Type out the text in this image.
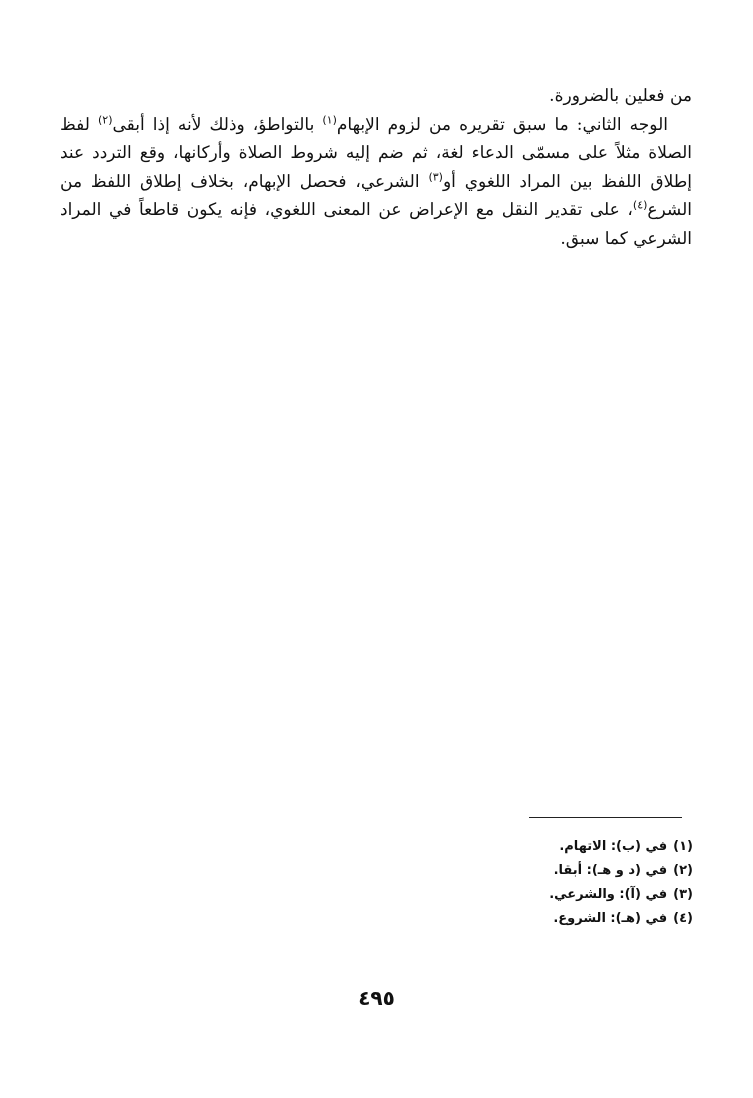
من فعلين بالضرورة.

الوجه الثاني: ما سبق تقريره من لزوم الإبهام$^{(١)}$ بالتواطؤ، وذلك لأنه إذا أبقى$^{(٢)}$ لفظ الصلاة مثلاً على مسمّى الدعاء لغة، ثم ضم إليه شروط الصلاة وأركانها، وقع التردد عند إطلاق اللفظ بين المراد اللغوي أو$^{(٣)}$ الشرعي، فحصل الإبهام، بخلاف إطلاق اللفظ من الشرع$^{(٤)}$، على تقدير النقل مع الإعراض عن المعنى اللغوي، فإنه يكون قاطعاً في المراد الشرعي كما سبق.

(١)في (ب): الاتهام.
(٢)في (د و هـ): أبقا.
(٣)في (آ): والشرعي.
(٤)في (هـ): الشروع.
٤٩٥
